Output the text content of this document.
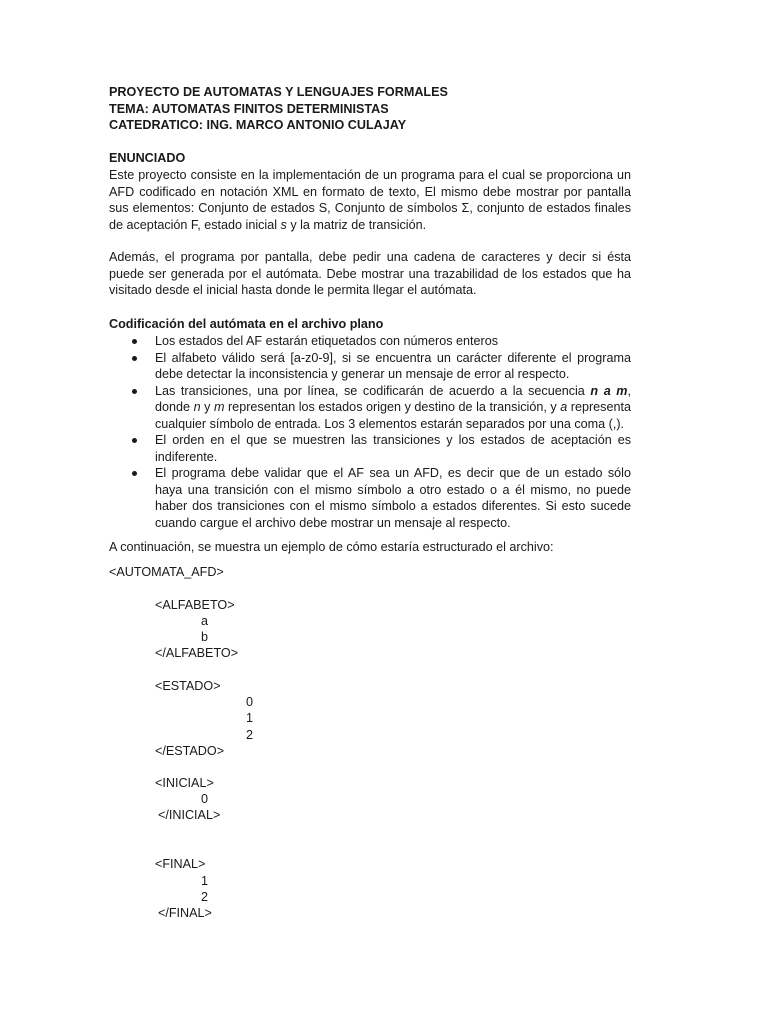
PROYECTO DE AUTOMATAS Y LENGUAJES FORMALES
TEMA: AUTOMATAS FINITOS DETERMINISTAS
CATEDRATICO: ING. MARCO ANTONIO CULAJAY
ENUNCIADO

Este proyecto consiste en la implementación de un programa para el cual se proporciona un AFD codificado en notación XML en formato de texto, El mismo debe mostrar por pantalla sus elementos: Conjunto de estados S, Conjunto de símbolos Σ, conjunto de estados finales de aceptación F, estado inicial s y la matriz de transición.

Además, el programa por pantalla, debe pedir una cadena de caracteres y decir si ésta puede ser generada por el autómata. Debe mostrar una trazabilidad de los estados que ha visitado desde el inicial hasta donde le permita llegar el autómata.

Codificación del autómata en el archivo plano
Los estados del AF estarán etiquetados con números enteros
El alfabeto válido será [a-z0-9], si se encuentra un carácter diferente el programa debe detectar la inconsistencia y generar un mensaje de error al respecto.
Las transiciones, una por línea, se codificarán de acuerdo a la secuencia n a m, donde n y m representan los estados origen y destino de la transición, y a representa cualquier símbolo de entrada. Los 3 elementos estarán separados por una coma (,).
El orden en el que se muestren las transiciones y los estados de aceptación es indiferente.
El programa debe validar que el AF sea un AFD, es decir que de un estado sólo haya una transición con el mismo símbolo a otro estado o a él mismo, no puede haber dos transiciones con el mismo símbolo a estados diferentes. Si esto sucede cuando cargue el archivo debe mostrar un mensaje al respecto.
A continuación, se muestra un ejemplo de cómo estaría estructurado el archivo:
<AUTOMATA_AFD>
<ALFABETO>
a
b
</ALFABETO>
<ESTADO>
0
1
2
</ESTADO>
<INICIAL>
0
</INICIAL>
<FINAL>
1
2
</FINAL>
